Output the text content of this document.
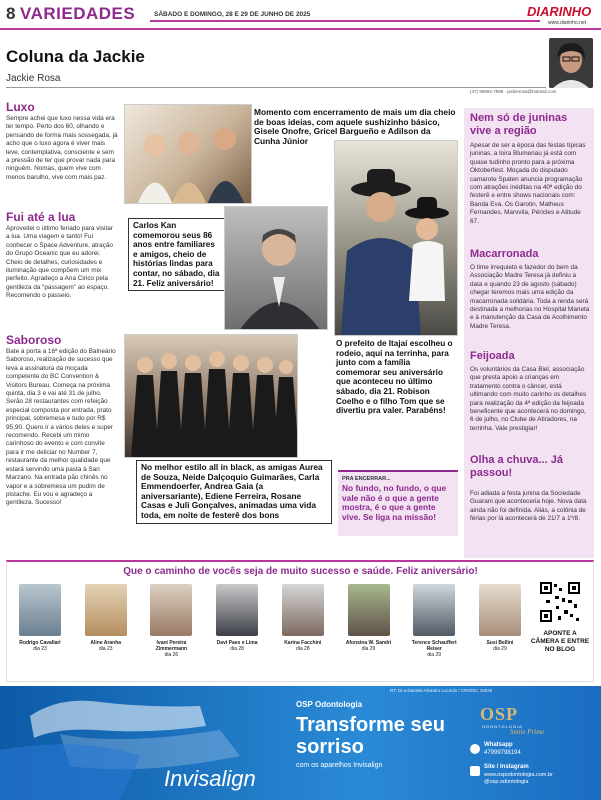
8 VARIEDADES	SÁBADO E DOMINGO, 28 E 29 DE JUNHO DE 2025	DIARINHO
www.diarinho.net
Coluna da Jackie
Jackie Rosa
(47) 99904-7998 - jackierosa@hotmail.com
Luxo
Sempre achei que luxo nessa vida era ter tempo. Perto dos 60, olhando e pensando de forma mais sossegada, já acho que o luxo agora é viver mais leve, contemplativa, consciente e sem a pressão de ter que provar nada para ninguém. Nomas, quem vive com menos barulho, vive com mais paz.
Fui até a lua
Aproveitei o último feriado para visitar a lua. Uma viagem e tanto! Fui conhecer o Space Adventure, atração do Grupo Oceanic que eu adorei. Cheio de detalhes, curiosidades e iluminação que compõem um mix perfeito. Agradeço a Ana Cirico pela gentileza da “passagem” ao espaço. Recomendo o passeio.
Saboroso
Bate à porta a 16ª edição do Balneário Saboroso, realização de sucesso que leva a assinatura da moçada competente do BC Convention & Visitors Bureau. Começa na próxima quinta, dia 3 e vai até 31 de julho. Serão 28 restaurantes com refeição especial composta por entrada, prato principal, sobremesa e tudo por R$ 95,90. Quero ir a vários deles e super recomendo. Recebi um mimo carinhoso do evento e com convite para ir me deliciar no Number 7, restaurante da melhor qualidade que estará servindo uma pasta à San Marzano. Na entrada pão chinês no vapor e a sobremesa um pudim de pistache. Eu vou e agradeço a gentileza. Sucesso!
Momento com encerramento de mais um dia cheio de boas ideias, com aquele sushizinho básico, Gisele Onofre, Gricel Bargueño e Adilson da Cunha Júnior
Carlos Kan comemorou seus 86 anos entre familiares e amigos, cheio de histórias lindas para contar, no sábado, dia 21. Feliz aniversário!
O prefeito de Itajaí escolheu o rodeio, aqui na terrinha, para junto com a família comemorar seu aniversário que aconteceu no último sábado, dia 21. Robison Coelho e o filho Tom que se divertiu pra valer. Parabéns!
No melhor estilo all in black, as amigas Aurea de Souza, Neide Dalçoquio Guimarães, Carla Emmendoerfer, Andrea Gaia (a aniversariante), Ediene Ferreira, Rosane Casas e Juli Gonçalves, animadas uma vida toda, em noite de festerê dos bons
PRA ENCERRAR...
No fundo, no fundo, o que vale não é o que a gente mostra, é o que a gente vive. Se liga na missão!
Nem só de juninas vive a região
Apesar de ser a época das festas típicas juninas, a loira Blumenau já está com quase tudinho pronto para a próxima Oktoberfest. Moçada do disputado camarote Spaten anuncia programação com atrações inéditas na 40ª edição do festerê e entre shows nacionais com: Banda Eva, Os Garotin, Matheus Fernandes, Marvvila, Péricles e Atitude 67.
Macarronada
O time irrequieto e fazedor do bem da Associação Madre Teresa já definiu a data e quando 23 de agosto (sábado) chegar teremos mais uma edição da macarronada solidária. Toda a renda será destinada a melhorias no Hospital Marieta e à manutenção da Casa de Acolhimento Madre Teresa.
Feijoada
Os voluntários da Casa Biel, associação que presta apoio a crianças em tratamento contra o câncer, está ultimando com muito carinho os detalhes para realização da 4ª edição da feijoada beneficente que acontecerá no domingo, 6 de julho, no Clube de Atiradores, na terrinha. Vale prestigiar!
Olha a chuva... Já passou!
Foi adiada a festa junina da Sociedade Guarani que aconteceria hoje. Nova data ainda não foi definida. Aliás, a colônia de férias por lá acontecerá de 21/7 a 1º/8.
Que o caminho de vocês seja de muito sucesso e saúde. Feliz aniversário!
Rodrigo Cavallari
dia 23
Aline Aranha
dia 23
Ivani Pereira Zimmermann
dia 26
Davi Paes e Lima
dia 28
Karina Facchini
dia 28
Afonsina W. Sandri
dia 29
Terence Schauffert Reiser
dia 29
Susi Bellini
dia 29
APONTE A CÂMERA E ENTRE NO BLOG
RT: Dr.a Daniela Alcantro Lucindo / CRO/SC 16035
OSP Odontologia
Transforme seu
sorriso
com os aparelhos Invisalign
Invisalign
OSP
ODONTOLOGIA
Smile Prime
Whatsapp
47999798194
Site / Instagram
www.ospodontologia.com.br
@osp.odontologia
